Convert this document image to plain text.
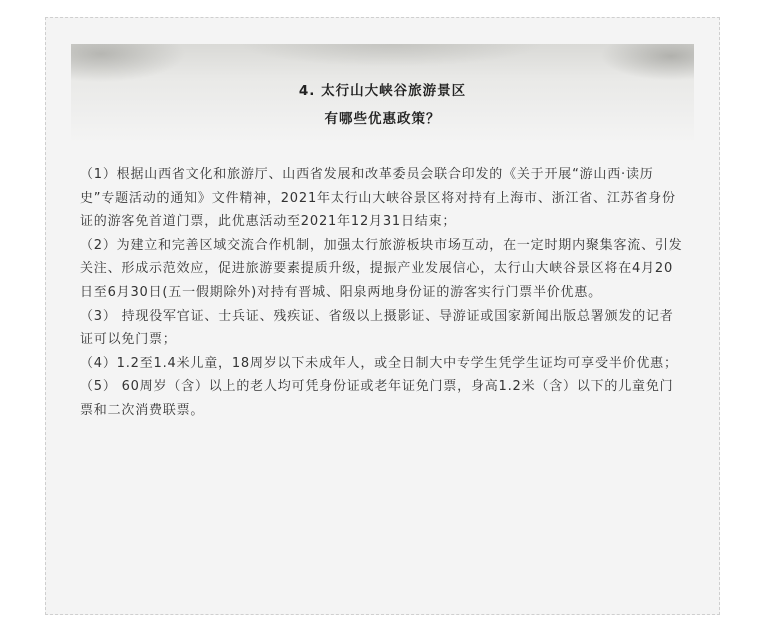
4. 太行山大峡谷旅游景区
有哪些优惠政策？

（1）根据山西省文化和旅游厅、山西省发展和改革委员会联合印发的《关于开展“游山西·读历史”专题活动的通知》文件精神，2021年太行山大峡谷景区将对持有上海市、浙江省、江苏省身份证的游客免首道门票，此优惠活动至2021年12月31日结束；

（2）为建立和完善区域交流合作机制，加强太行旅游板块市场互动，在一定时期内聚集客流、引发关注、形成示范效应，促进旅游要素提质升级，提振产业发展信心，太行山大峡谷景区将在4月20日至6月30日(五一假期除外)对持有晋城、阳泉两地身份证的游客实行门票半价优惠。

（3） 持现役军官证、士兵证、残疾证、省级以上摄影证、导游证或国家新闻出版总署颁发的记者证可以免门票；

（4）1.2至1.4米儿童，18周岁以下未成年人，或全日制大中专学生凭学生证均可享受半价优惠；

（5） 60周岁（含）以上的老人均可凭身份证或老年证免门票，身高1.2米（含）以下的儿童免门票和二次消费联票。
